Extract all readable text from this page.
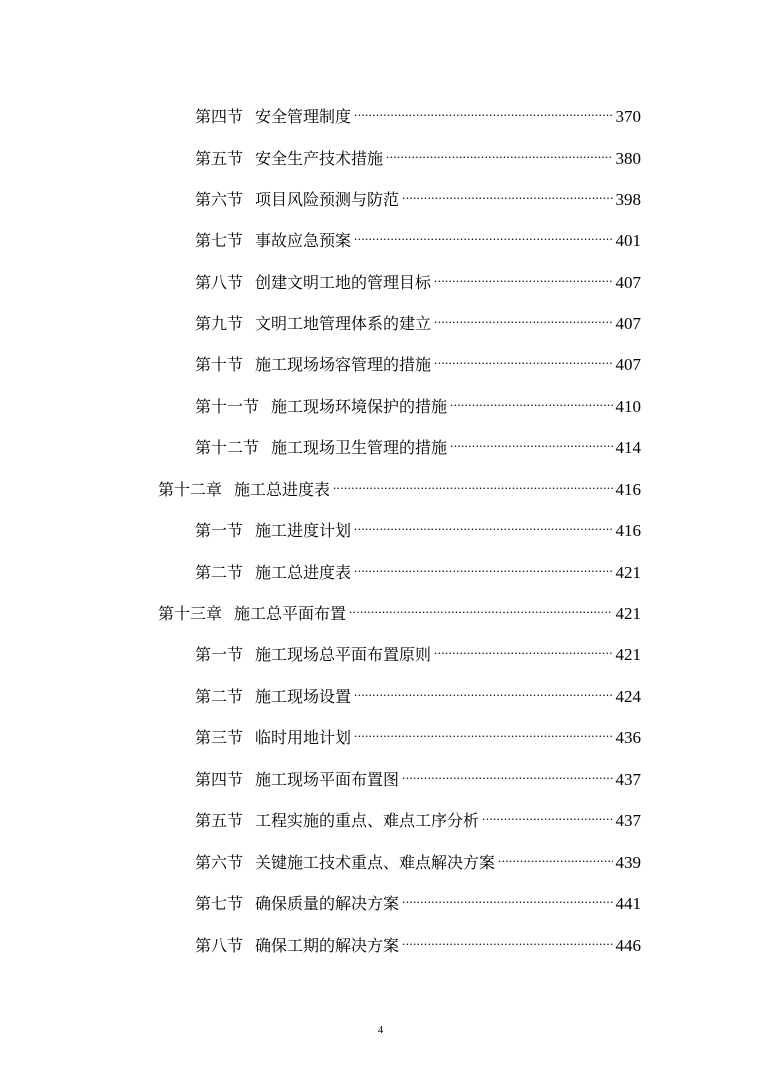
第四节 安全管理制度 .....	370
第五节 安全生产技术措施 .....	380
第六节 项目风险预测与防范 .....	398
第七节 事故应急预案 .....	401
第八节 创建文明工地的管理目标 .....	407
第九节 文明工地管理体系的建立 .....	407
第十节 施工现场场容管理的措施 .....	407
第十一节 施工现场环境保护的措施 .....	410
第十二节 施工现场卫生管理的措施 .....	414
第十二章 施工总进度表 .....	416
第一节 施工进度计划 .....	416
第二节 施工总进度表 .....	421
第十三章 施工总平面布置 .....	421
第一节 施工现场总平面布置原则 .....	421
第二节 施工现场设置 .....	424
第三节 临时用地计划 .....	436
第四节 施工现场平面布置图 .....	437
第五节 工程实施的重点、难点工序分析 .....	437
第六节 关键施工技术重点、难点解决方案 .....	439
第七节 确保质量的解决方案 .....	441
第八节 确保工期的解决方案 .....	446
4
